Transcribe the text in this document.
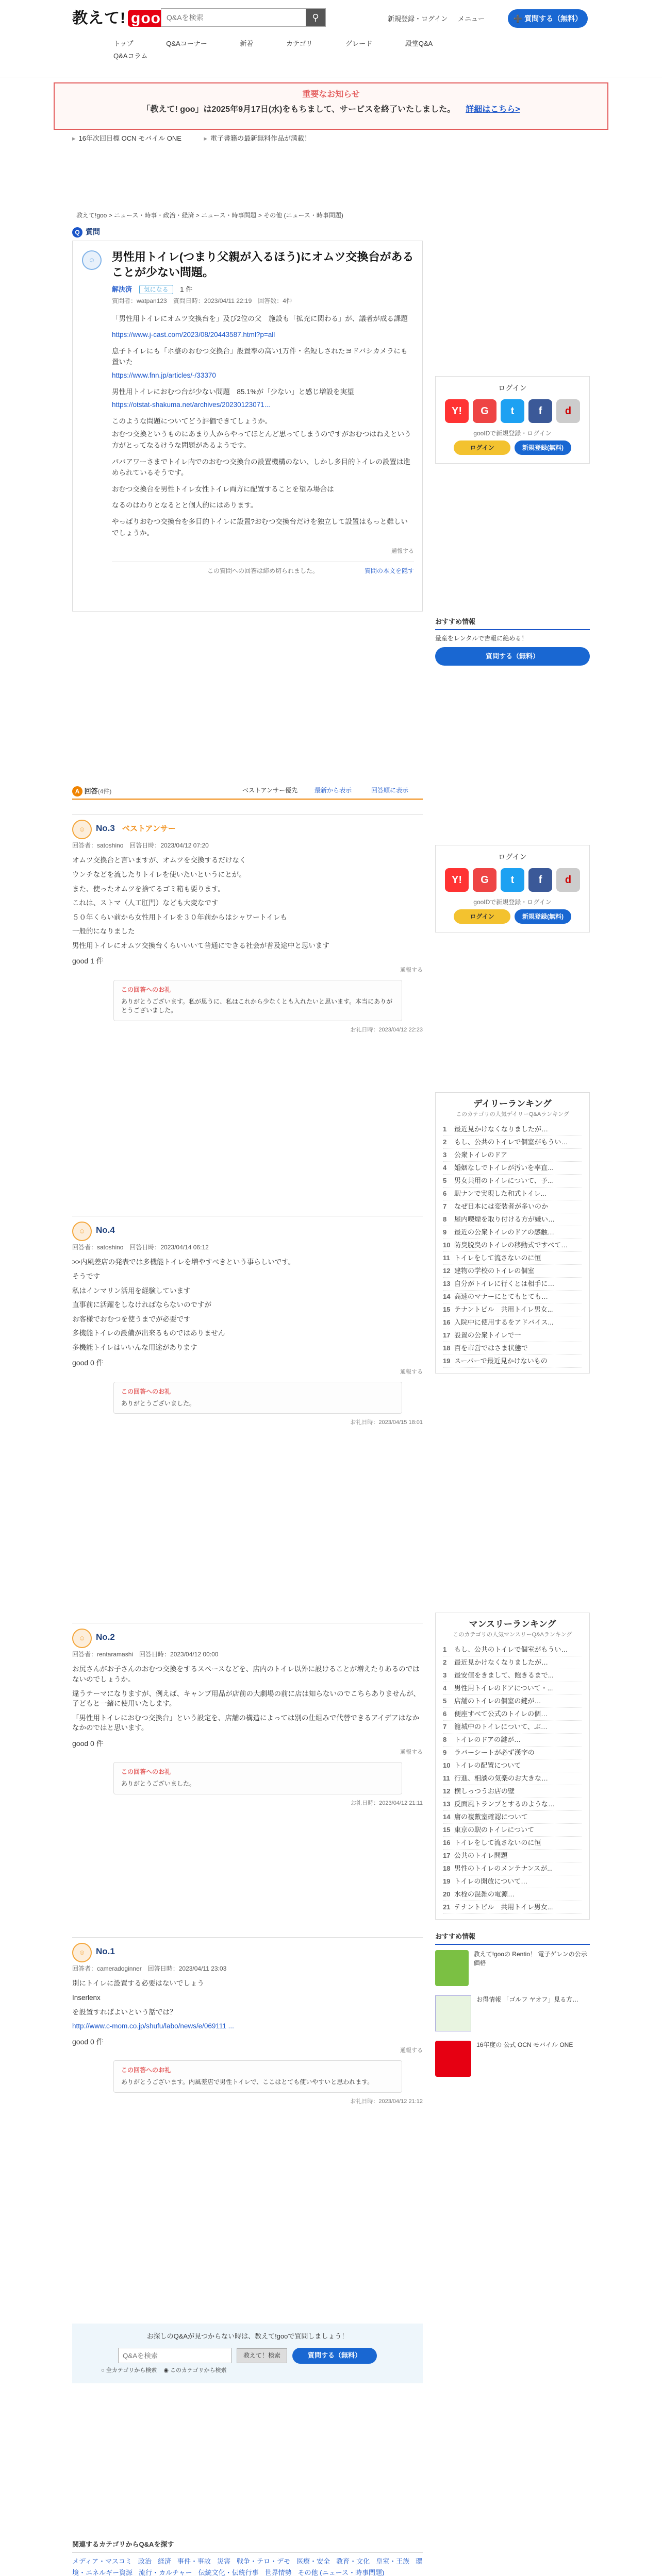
教えて! goo
Q&Aを検索	⚲	新規登録・ログイン メニュー	➕ 質問する（無料）
トップ	Q&Aコーナー	新着	カテゴリ	グレード	殿堂Q&A
Q&Aコラム
重要なお知らせ
「教えて! goo」は2025年9月17日(水)をもちまして、サービスを終了いたしました。 詳細はこちら>
▸ 16年次回目標 OCN モバイル ONE	▸ 電子書籍の最新無料作品が満載！
教えて!goo > ニュース・時事・政治・経済 > ニュース・時事問題 > その他 (ニュース・時事問題)
Q 質問
☺	男性用トイレ(つまり父親が入るほう)にオムツ交換台があることが少ない問題。
解決済 気になる 1 件
質問者：watpan123　質問日時：2023/04/11 22:19　回答数：4件

「男性用トイレにオムツ交換台を」及び2位の父　施設も「拡充に関わる」が、議者が成る課題

https://www.j-cast.com/2023/08/20443587.html?p=all

息子トイレにも「ホ整のおむつ交換台」設置率の高い1万件・名短しされたヨドバシカメラにも置いた

https://www.fnn.jp/articles/-/33370

男性用トイレにおむつ台が少ない問題　85.1%が「少ない」と感じ増設を実望

https://otstat-shakuma.net/archives/20230123071...

このような問題についてどう評価できてしょうか。

おむつ交換というものにあまり人からやってほとんど思ってしまうのですがおむつはねえという方がとってなるけうな問題があるようです。

パパアワーさまでトイレ内でのおむつ交換台の設置機構のない、しかし多目的トイレの設置は進められているそうです。

おむつ交換台を男性トイレ女性トイレ両方に配置することを望み場合は

なるのはわりとなるとと個人的にはあります。

やっぱりおむつ交換台を多目的トイレに設置?おむつ交換台だけを独立して設置はもっと難しいでしょうか。

通報する
この質問への回答は締め切られました。	質問の本文を隠す
ログイン
Y! G t f d
gooIDで新規登録・ログイン
ログイン	新規登録(無料)
おすすめ情報
量産をレンタルで吉報に絶める！
質問する（無料）
ログイン
Y! G t f d
gooIDで新規登録・ログイン
ログイン	新規登録(無料)
デイリーランキング
このカテゴリの人気デイリーQ&Aランキング
1 最近見かけなくなりましたが…
2 もし、公共のトイレで個室がもうい…
3 公衆トイレのドア
4 婚姻なしでトイレが汚いを率直...
5 男女共用のトイレについて、予...
6 駅ナンで実現した和式トイレ...
7 なぜ日本には変装者が多いのか
8 屋内喫煙を取り付ける方が嫌い…
9 最近の公衆トイレのドアの感触…
10 防臭脱臭のトイレの移動式ですべて…
11 トイレをして流さないのに恒
12 建物の学校のトイレの個室
13 自分がトイレに行くとは相手に…
14 高速のマナーにとてもとても…
15 テナントビル　共用トイレ男女...
16 入院中に使用するをアドバイス...
17 設置の公衆トイレで一
18 百を市営ではさま状態で
19 スーパーで最近見かけないもの
マンスリーランキング
このカテゴリの人気マンスリーQ&Aランキング
1 もし、公共のトイレで個室がもうい…
2 最近見かけなくなりましたが…
3 最安値をきまして、飽きるまで...
4 男性用トイレのドアについて・...
5 店舗のトイレの個室の鍵が…
6 便座すべて公式のトイレの個…
7 籠城中のトイレについて、ぶ…
8 トイレのドアの鍵が…
9 ラバーシートが必ず漢字の
10 トイレの配置について
11 行進、相談の気楽のお大きな…
12 横しっつうお店の壁
13 反面風トランプとするのような…
14 庸の複數室確認について
15 東京の駅のトイレについて
16 トイレをして流さないのに恒
17 公共のトイレ問題
18 男性のトイレのメンテナンスが...
19 トイレの開放について…
20 水栓の混雑の電源…
21 テナントビル　共用トイレ男女...
おすすめ情報
教えて!gooの Rentio！ 電子ゲレンの公示価格
お得情報 「ゴルフ ヤオフ」見る方…
16年度の 公式 OCN モバイル ONE
A 回答(4件)	ベストアンサー優先	最新から表示	回答順に表示
☺ No.3 ベストアンサー
回答者：satoshino　回答日時：2023/04/12 07:20

オムツ交換台と言いますが、オムツを交換するだけなく

ウンチなどを流したりトイレを使いたいというにとが。

また、使ったオムツを捨てるゴミ箱も要ります。

これは、ストマ（人工肛門）なども大変なです

５０年くらい前から女性用トイレを３０年前からはシャワートイレも

一般的になりました

男性用トイレにオムツ交換台くらいいいて普通にできる社会が普及途中と思います

good 1 件
通報する
この回答へのお礼
ありがとうございます。私が思うに、私はこれから少なくとも入れたいと思います。本当にありがとうございました。
お礼日時：2023/04/12 22:23
☺ No.4
回答者：satoshino　回答日時：2023/04/14 06:12

>>内風差店の発表では多機能トイレを増やすべきという事らしいです。

そうです

私はインマリン活用を経験しています

直事前に活躍をしなければならないのですが

お客様でおむつを使うまでが必要です

多機能トイレの設備が出来るものではありません

多機能トイレはいいんな用途があります

good 0 件
通報する
この回答へのお礼
ありがとうございました。
お礼日時：2023/04/15 18:01
☺ No.2
回答者：rentaramashi　回答日時：2023/04/12 00:00

お尻さんがお子さんのおむつ交換をするスペースなどを、店内のトイレ以外に設けることが増えたりあるのではないのでしょうか。

違うテーマになりますが、例えば、キャンプ用品が店前の大劇場の前に店は知らないのでこちらありませんが、子どもと一緒に使用いたします。

「男性用トイレにおむつ交換台」という設定を、店舗の構造によっては別の仕組みで代替できるアイデアはなかなかのではと思います。

good 0 件
通報する
この回答へのお礼
ありがとうございました。
お礼日時：2023/04/12 21:11
☺ No.1
回答者：cameradoginner　回答日時：2023/04/11 23:03

別にトイレに設置する必要はないでしょう

Inserlenx

を設置すればよいという話では？

http://www.c-mom.co.jp/shufu/labo/news/e/069111 ...

good 0 件
通報する
この回答へのお礼
ありがとうございます。内風差店で男性トイレで、ここはとても使いやすいと思われます。
お礼日時：2023/04/12 21:12
お探しのQ&Aが見つからない時は、教えて!gooで質問しましょう！
Q&Aを検索
教えて！検索	質問する（無料）
○ 全カテゴリから検索 ◉ このカテゴリから検索
関連するカテゴリからQ&Aを探す
メディア・マスコミ 政治 経済 事件・事故 災害 戦争・テロ・デモ 医療・安全 教育・文化 皇室・王族 環境・エネルギー資源 流行・カルチャー 伝統文化・伝統行事 世界情勢 その他 (ニュース・時事問題)
